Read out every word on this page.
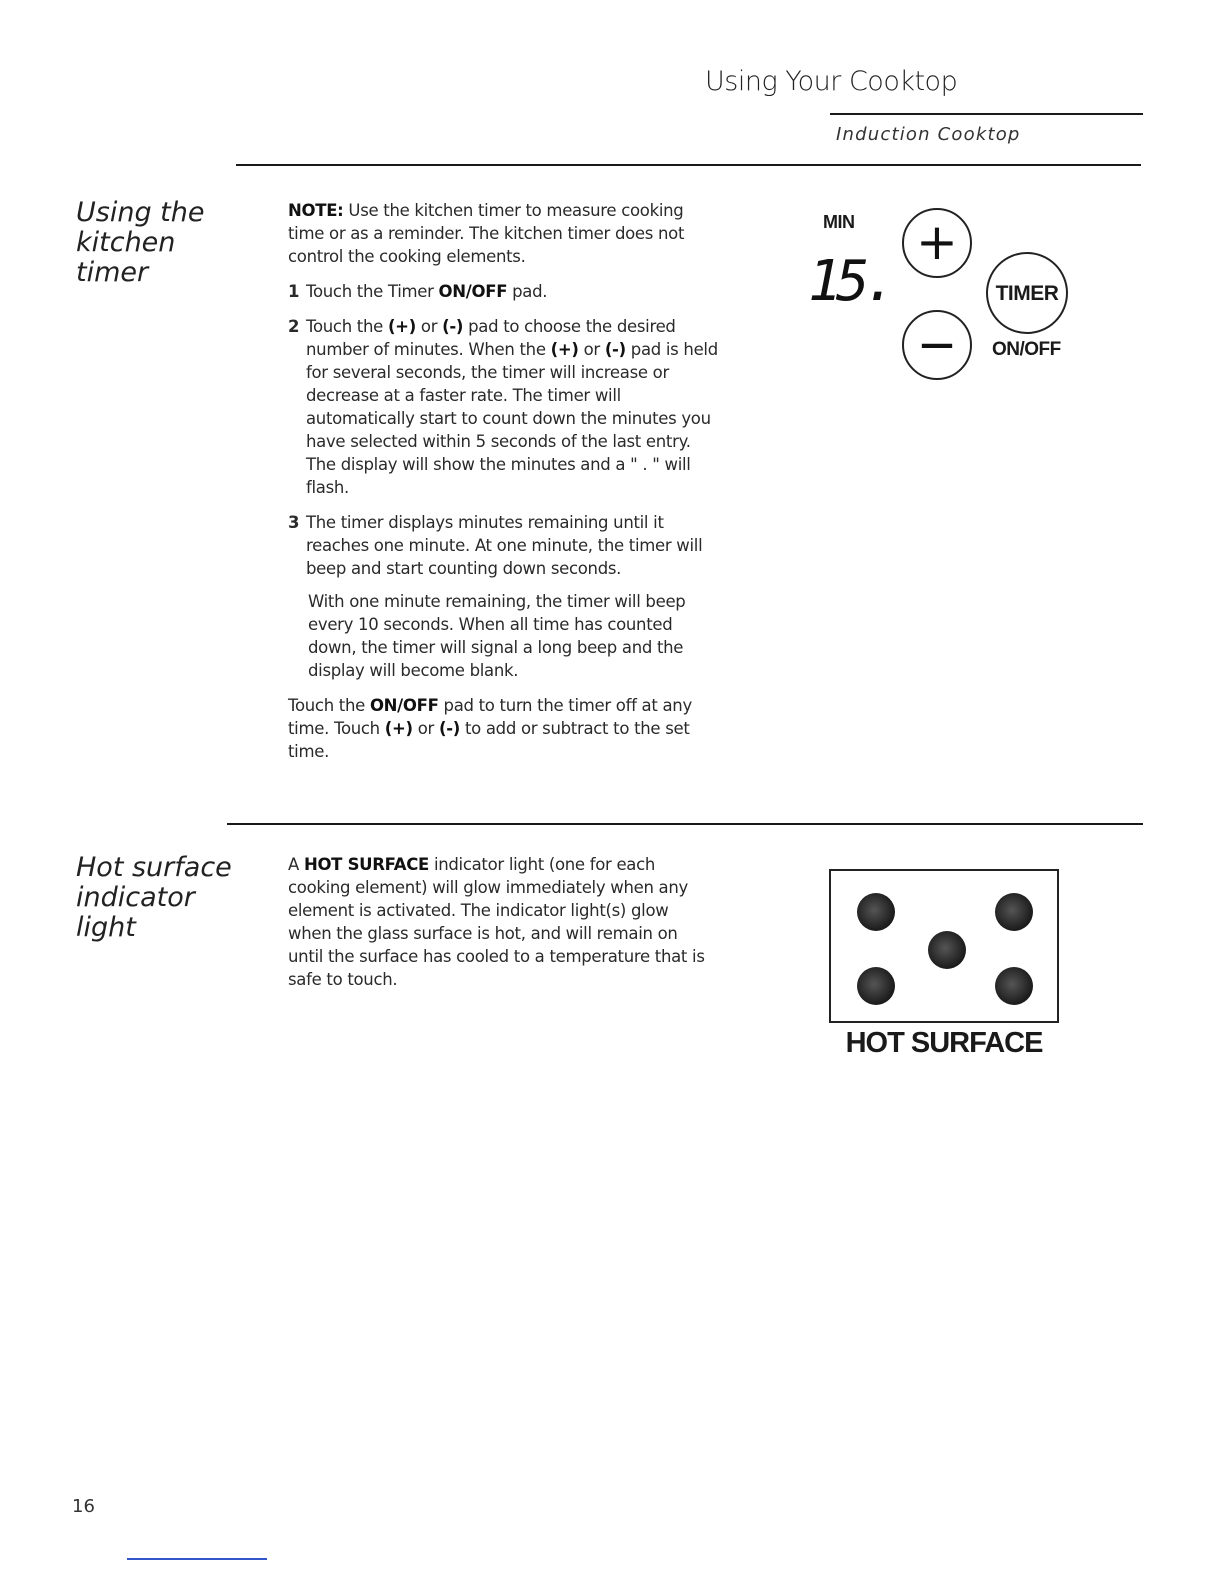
Using Your Cooktop
Induction Cooktop
Using the
kitchen
timer

NOTE: Use the kitchen timer to measure cooking time or as a reminder. The kitchen timer does not control the cooking elements.

1 Touch the Timer ON/OFF pad.
2 Touch the (+) or (-) pad to choose the desired number of minutes. When the (+) or (-) pad is held for several seconds, the timer will increase or decrease at a faster rate. The timer will automatically start to count down the minutes you have selected within 5 seconds of the last entry. The display will show the minutes and a " . " will flash.
3 The timer displays minutes remaining until it reaches one minute. At one minute, the timer will beep and start counting down seconds.

With one minute remaining, the timer will beep every 10 seconds. When all time has counted down, the timer will signal a long beep and the display will become blank.

Touch the ON/OFF pad to turn the timer off at any time. Touch (+) or (-) to add or subtract to the set time.

MIN
15.
+
—
TIMER
ON/OFF
Hot surface
indicator
light

A HOT SURFACE indicator light (one for each cooking element) will glow immediately when any element is activated. The indicator light(s) glow when the glass surface is hot, and will remain on until the surface has cooled to a temperature that is safe to touch.

HOT SURFACE
16
